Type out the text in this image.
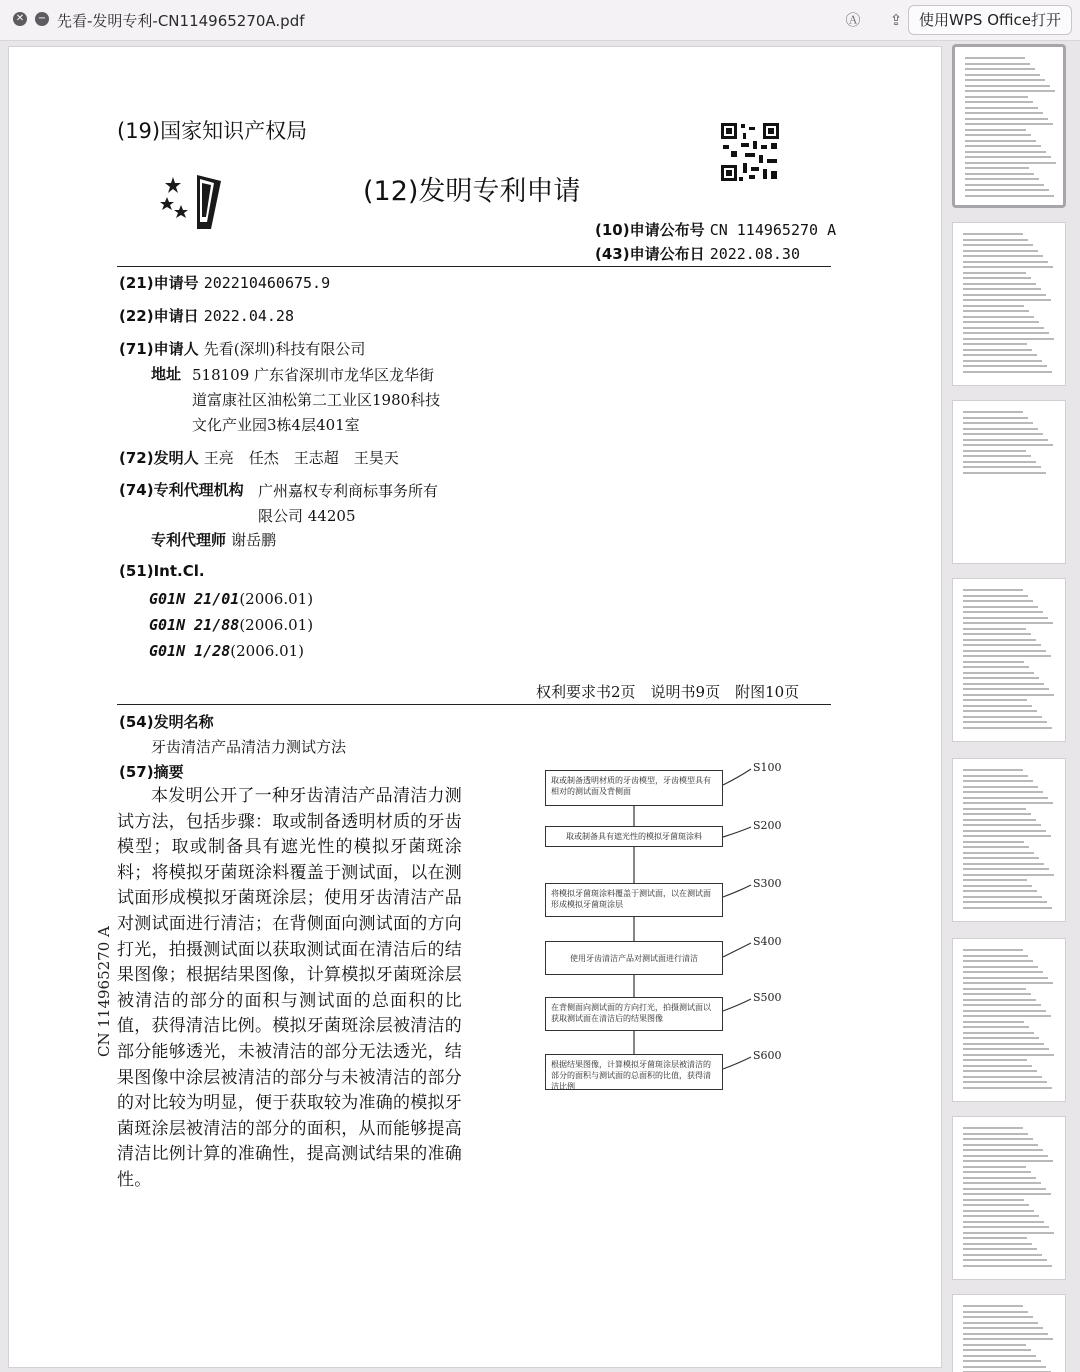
✕ − 先看-发明专利-CN114965270A.pdf	Ⓐ	⇪	使用WPS Office打开
(19)国家知识产权局
(12)发明专利申请
(10)申请公布号 CN 114965270 A
(43)申请公布日 2022.08.30
(21)申请号 202210460675.9
(22)申请日 2022.04.28
(71)申请人 先看(深圳)科技有限公司
地址 518109 广东省深圳市龙华区龙华街
道富康社区油松第二工业区1980科技
文化产业园3栋4层401室
(72)发明人 王亮　任杰　王志超　王昊天
(74)专利代理机构 广州嘉权专利商标事务所有
限公司 44205
专利代理师 谢岳鹏
(51)Int.Cl.
G01N 21/01(2006.01)
G01N 21/88(2006.01)
G01N 1/28(2006.01)
权利要求书2页　说明书9页　附图10页
(54)发明名称
牙齿清洁产品清洁力测试方法
(57)摘要
本发明公开了一种牙齿清洁产品清洁力测试方法，包括步骤：取或制备透明材质的牙齿模型；取或制备具有遮光性的模拟牙菌斑涂料；将模拟牙菌斑涂料覆盖于测试面，以在测试面形成模拟牙菌斑涂层；使用牙齿清洁产品对测试面进行清洁；在背侧面向测试面的方向打光，拍摄测试面以获取测试面在清洁后的结果图像；根据结果图像，计算模拟牙菌斑涂层被清洁的部分的面积与测试面的总面积的比值，获得清洁比例。模拟牙菌斑涂层被清洁的部分能够透光，未被清洁的部分无法透光，结果图像中涂层被清洁的部分与未被清洁的部分的对比较为明显，便于获取较为准确的模拟牙菌斑涂层被清洁的部分的面积，从而能够提高清洁比例计算的准确性，提高测试结果的准确性。
CN 114965270 A
取或制备透明材质的牙齿模型，牙齿模型具有相对的测试面及背侧面
S100
取或制备具有遮光性的模拟牙菌斑涂料
S200
将模拟牙菌斑涂料覆盖于测试面，以在测试面形成模拟牙菌斑涂层
S300
使用牙齿清洁产品对测试面进行清洁
S400
在背侧面向测试面的方向打光，拍摄测试面以获取测试面在清洁后的结果图像
S500
根据结果图像，计算模拟牙菌斑涂层被清洁的部分的面积与测试面的总面积的比值，获得清洁比例
S600
